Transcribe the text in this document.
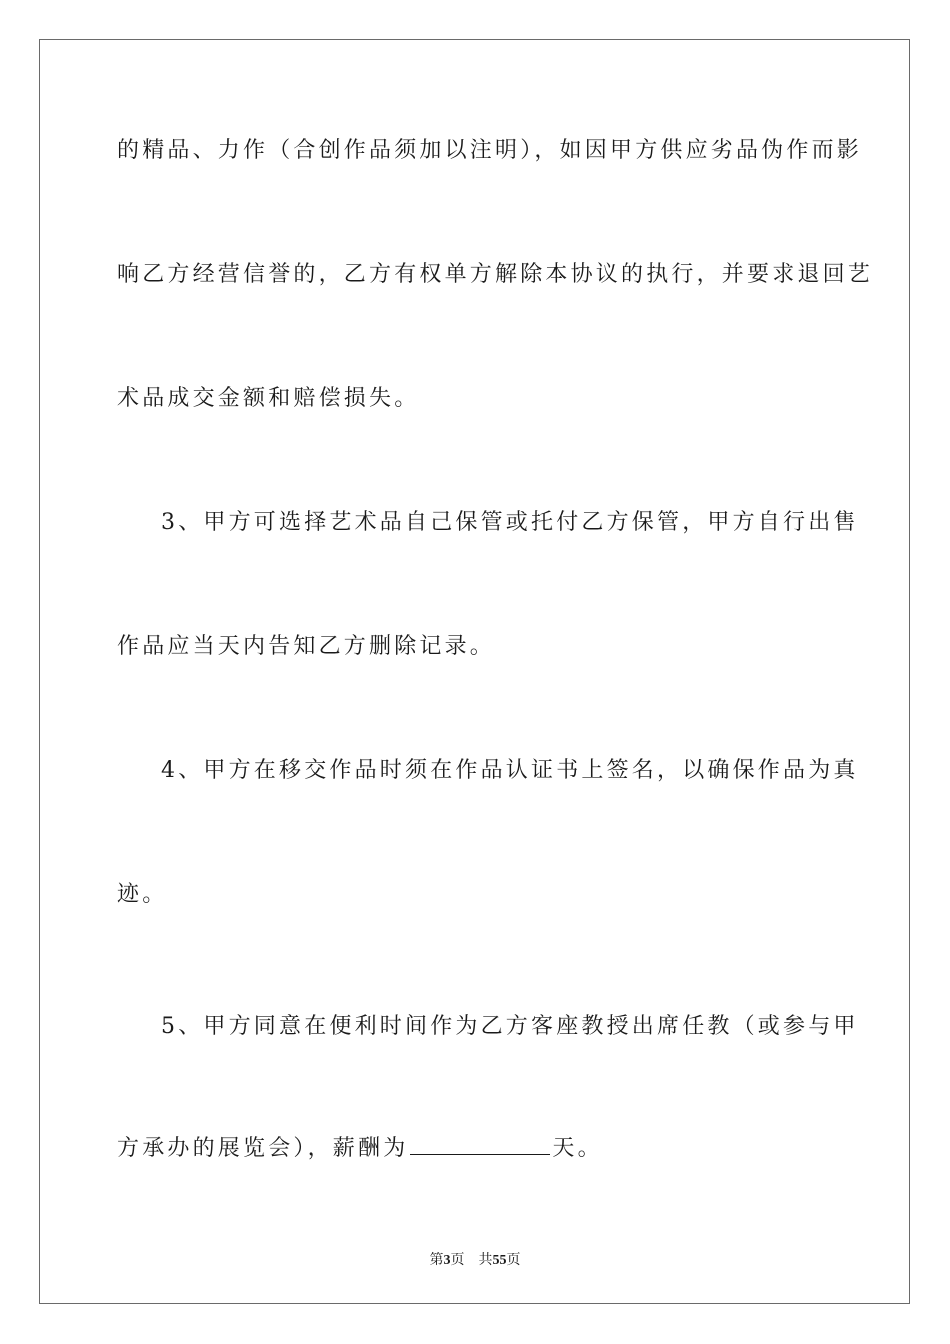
的精品、力作（合创作品须加以注明），如因甲方供应劣品伪作而影
响乙方经营信誉的，乙方有权单方解除本协议的执行，并要求退回艺
术品成交金额和赔偿损失。
3、甲方可选择艺术品自己保管或托付乙方保管，甲方自行出售
作品应当天内告知乙方删除记录。
4、甲方在移交作品时须在作品认证书上签名，以确保作品为真
迹。
5、甲方同意在便利时间作为乙方客座教授出席任教（或参与甲
方承办的展览会），薪酬为	天。
第3页 共55页
